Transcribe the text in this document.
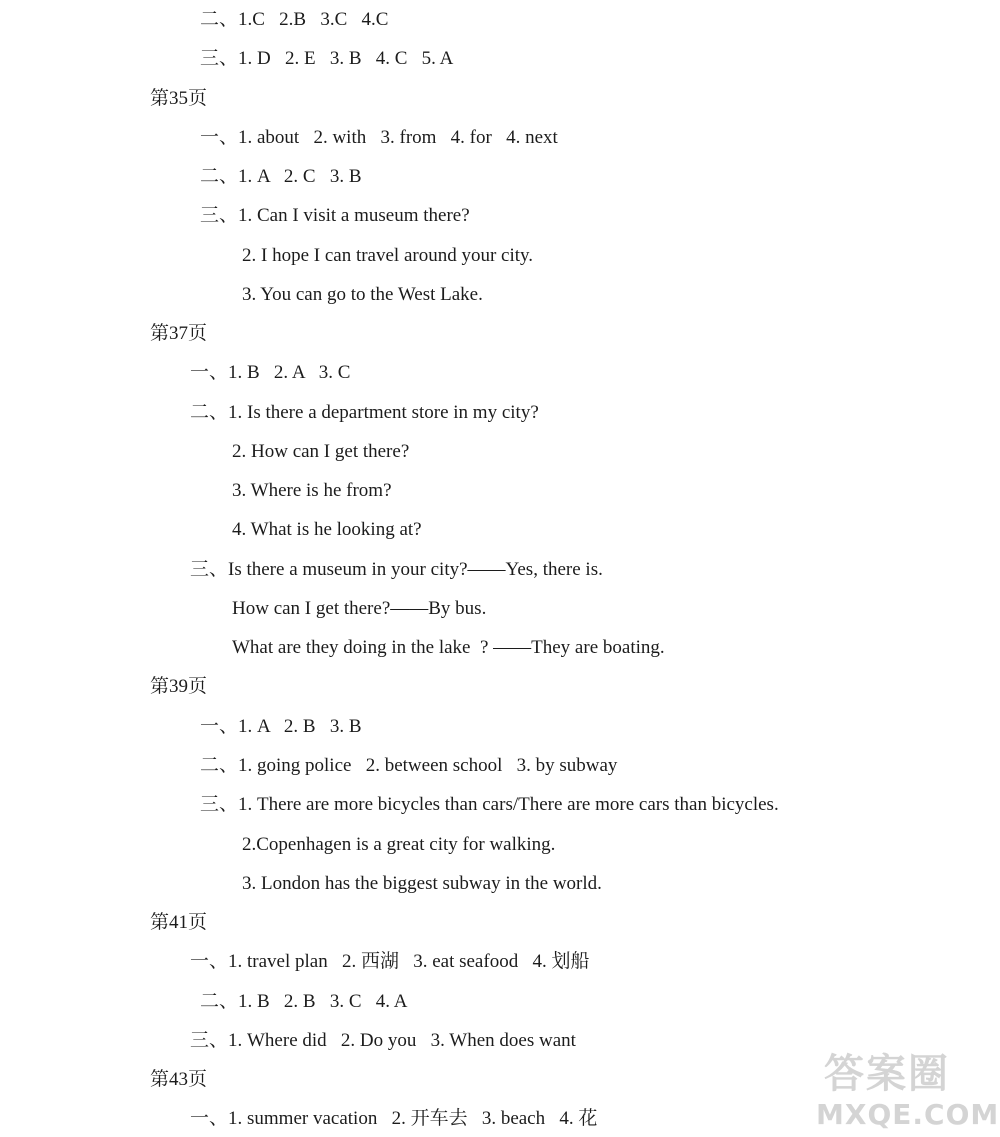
二、1.C   2.B   3.C   4.C
三、1. D   2. E   3. B   4. C   5. A
第35页
一、1. about   2. with   3. from   4. for   4. next
二、1. A   2. C   3. B
三、1. Can I visit a museum there?
2. I hope I can travel around your city.
3. You can go to the West Lake.
第37页
一、1. B   2. A   3. C
二、1. Is there a department store in my city?
2. How can I get there?
3. Where is he from?
4. What is he looking at?
三、Is there a museum in your city?——Yes, there is.
How can I get there?——By bus.
What are they doing in the lake  ? ——They are boating.
第39页
一、1. A   2. B   3. B
二、1. going police   2. between school   3. by subway
三、1. There are more bicycles than cars/There are more cars than bicycles.
2.Copenhagen is a great city for walking.
3. London has the biggest subway in the world.
第41页
一、1. travel plan   2. 西湖   3. eat seafood   4. 划船
二、1. B   2. B   3. C   4. A
三、1. Where did   2. Do you   3. When does want
第43页
一、1. summer vacation   2. 开车去   3. beach   4. 花
答案圈
MXQE.COM
